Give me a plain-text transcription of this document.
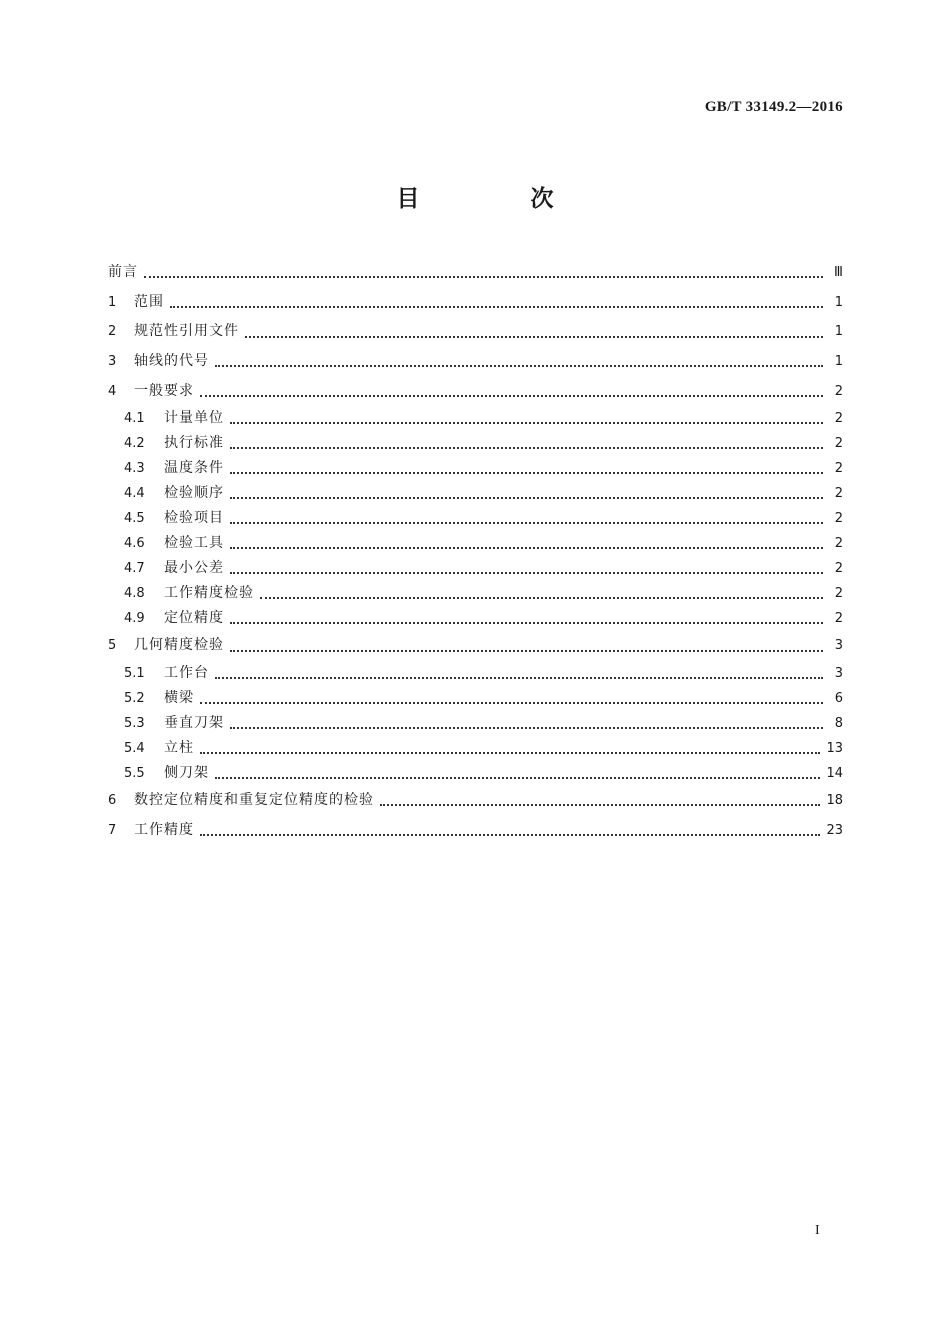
GB/T 33149.2—2016
目　次
前言	Ⅲ
1	范围	1
2	规范性引用文件	1
3	轴线的代号	1
4	一般要求	2
4.1	计量单位	2
4.2	执行标准	2
4.3	温度条件	2
4.4	检验顺序	2
4.5	检验项目	2
4.6	检验工具	2
4.7	最小公差	2
4.8	工作精度检验	2
4.9	定位精度	2
5	几何精度检验	3
5.1	工作台	3
5.2	横梁	6
5.3	垂直刀架	8
5.4	立柱	13
5.5	侧刀架	14
6	数控定位精度和重复定位精度的检验	18
7	工作精度	23
I
